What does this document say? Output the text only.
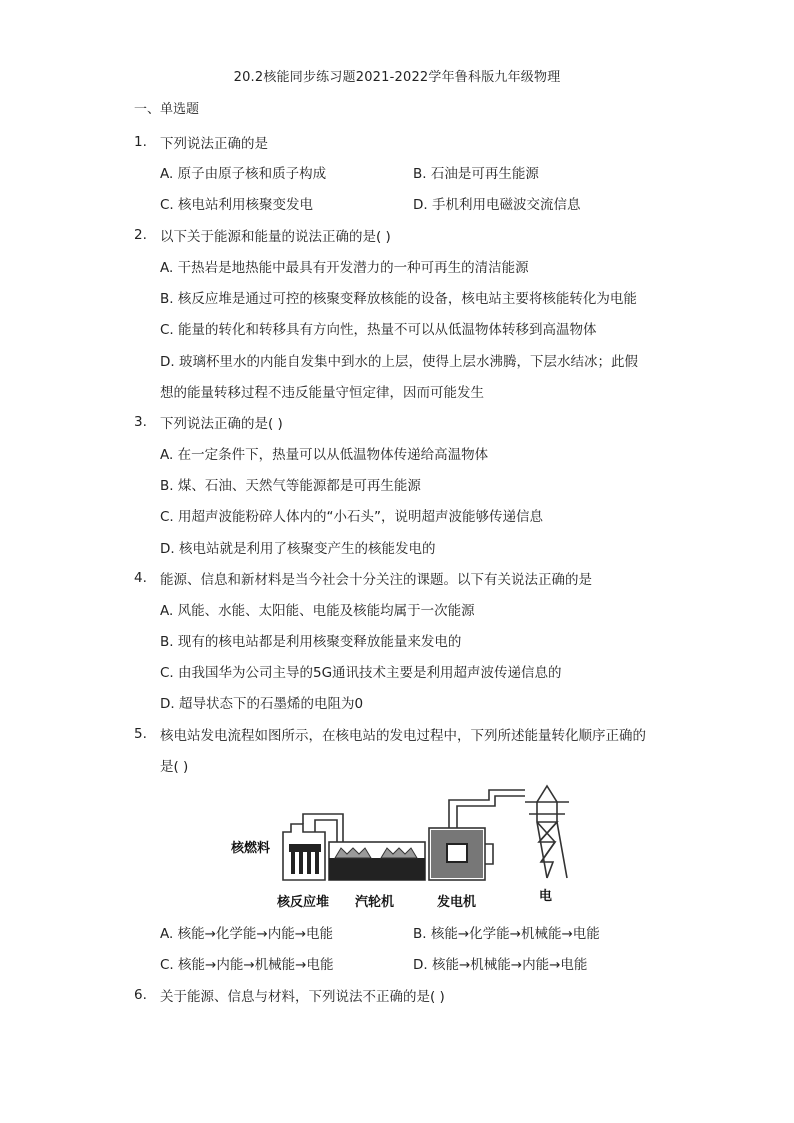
20.2核能同步练习题2021-2022学年鲁科版九年级物理
一、单选题
1. 下列说法正确的是
A. 原子由原子核和质子构成	B. 石油是可再生能源
C. 核电站利用核聚变发电	D. 手机利用电磁波交流信息
2. 以下关于能源和能量的说法正确的是( )
A. 干热岩是地热能中最具有开发潜力的一种可再生的清洁能源
B. 核反应堆是通过可控的核聚变释放核能的设备，核电站主要将核能转化为电能
C. 能量的转化和转移具有方向性，热量不可以从低温物体转移到高温物体
D. 玻璃杯里水的内能自发集中到水的上层，使得上层水沸腾，下层水结冰；此假
想的能量转移过程不违反能量守恒定律，因而可能发生
3. 下列说法正确的是( )
A. 在一定条件下，热量可以从低温物体传递给高温物体
B. 煤、石油、天然气等能源都是可再生能源
C. 用超声波能粉碎人体内的“小石头”，说明超声波能够传递信息
D. 核电站就是利用了核聚变产生的核能发电的
4. 能源、信息和新材料是当今社会十分关注的课题。以下有关说法正确的是
A. 风能、水能、太阳能、电能及核能均属于一次能源
B. 现有的核电站都是利用核聚变释放能量来发电的
C. 由我国华为公司主导的5G通讯技术主要是利用超声波传递信息的
D. 超导状态下的石墨烯的电阻为0
5. 核电站发电流程如图所示，在核电站的发电过程中，下列所述能量转化顺序正确的
是( )
核燃料
核反应堆 汽轮机	发电机	电
A. 核能→化学能→内能→电能	B. 核能→化学能→机械能→电能
C. 核能→内能→机械能→电能	D. 核能→机械能→内能→电能
6. 关于能源、信息与材料，下列说法不正确的是( )
